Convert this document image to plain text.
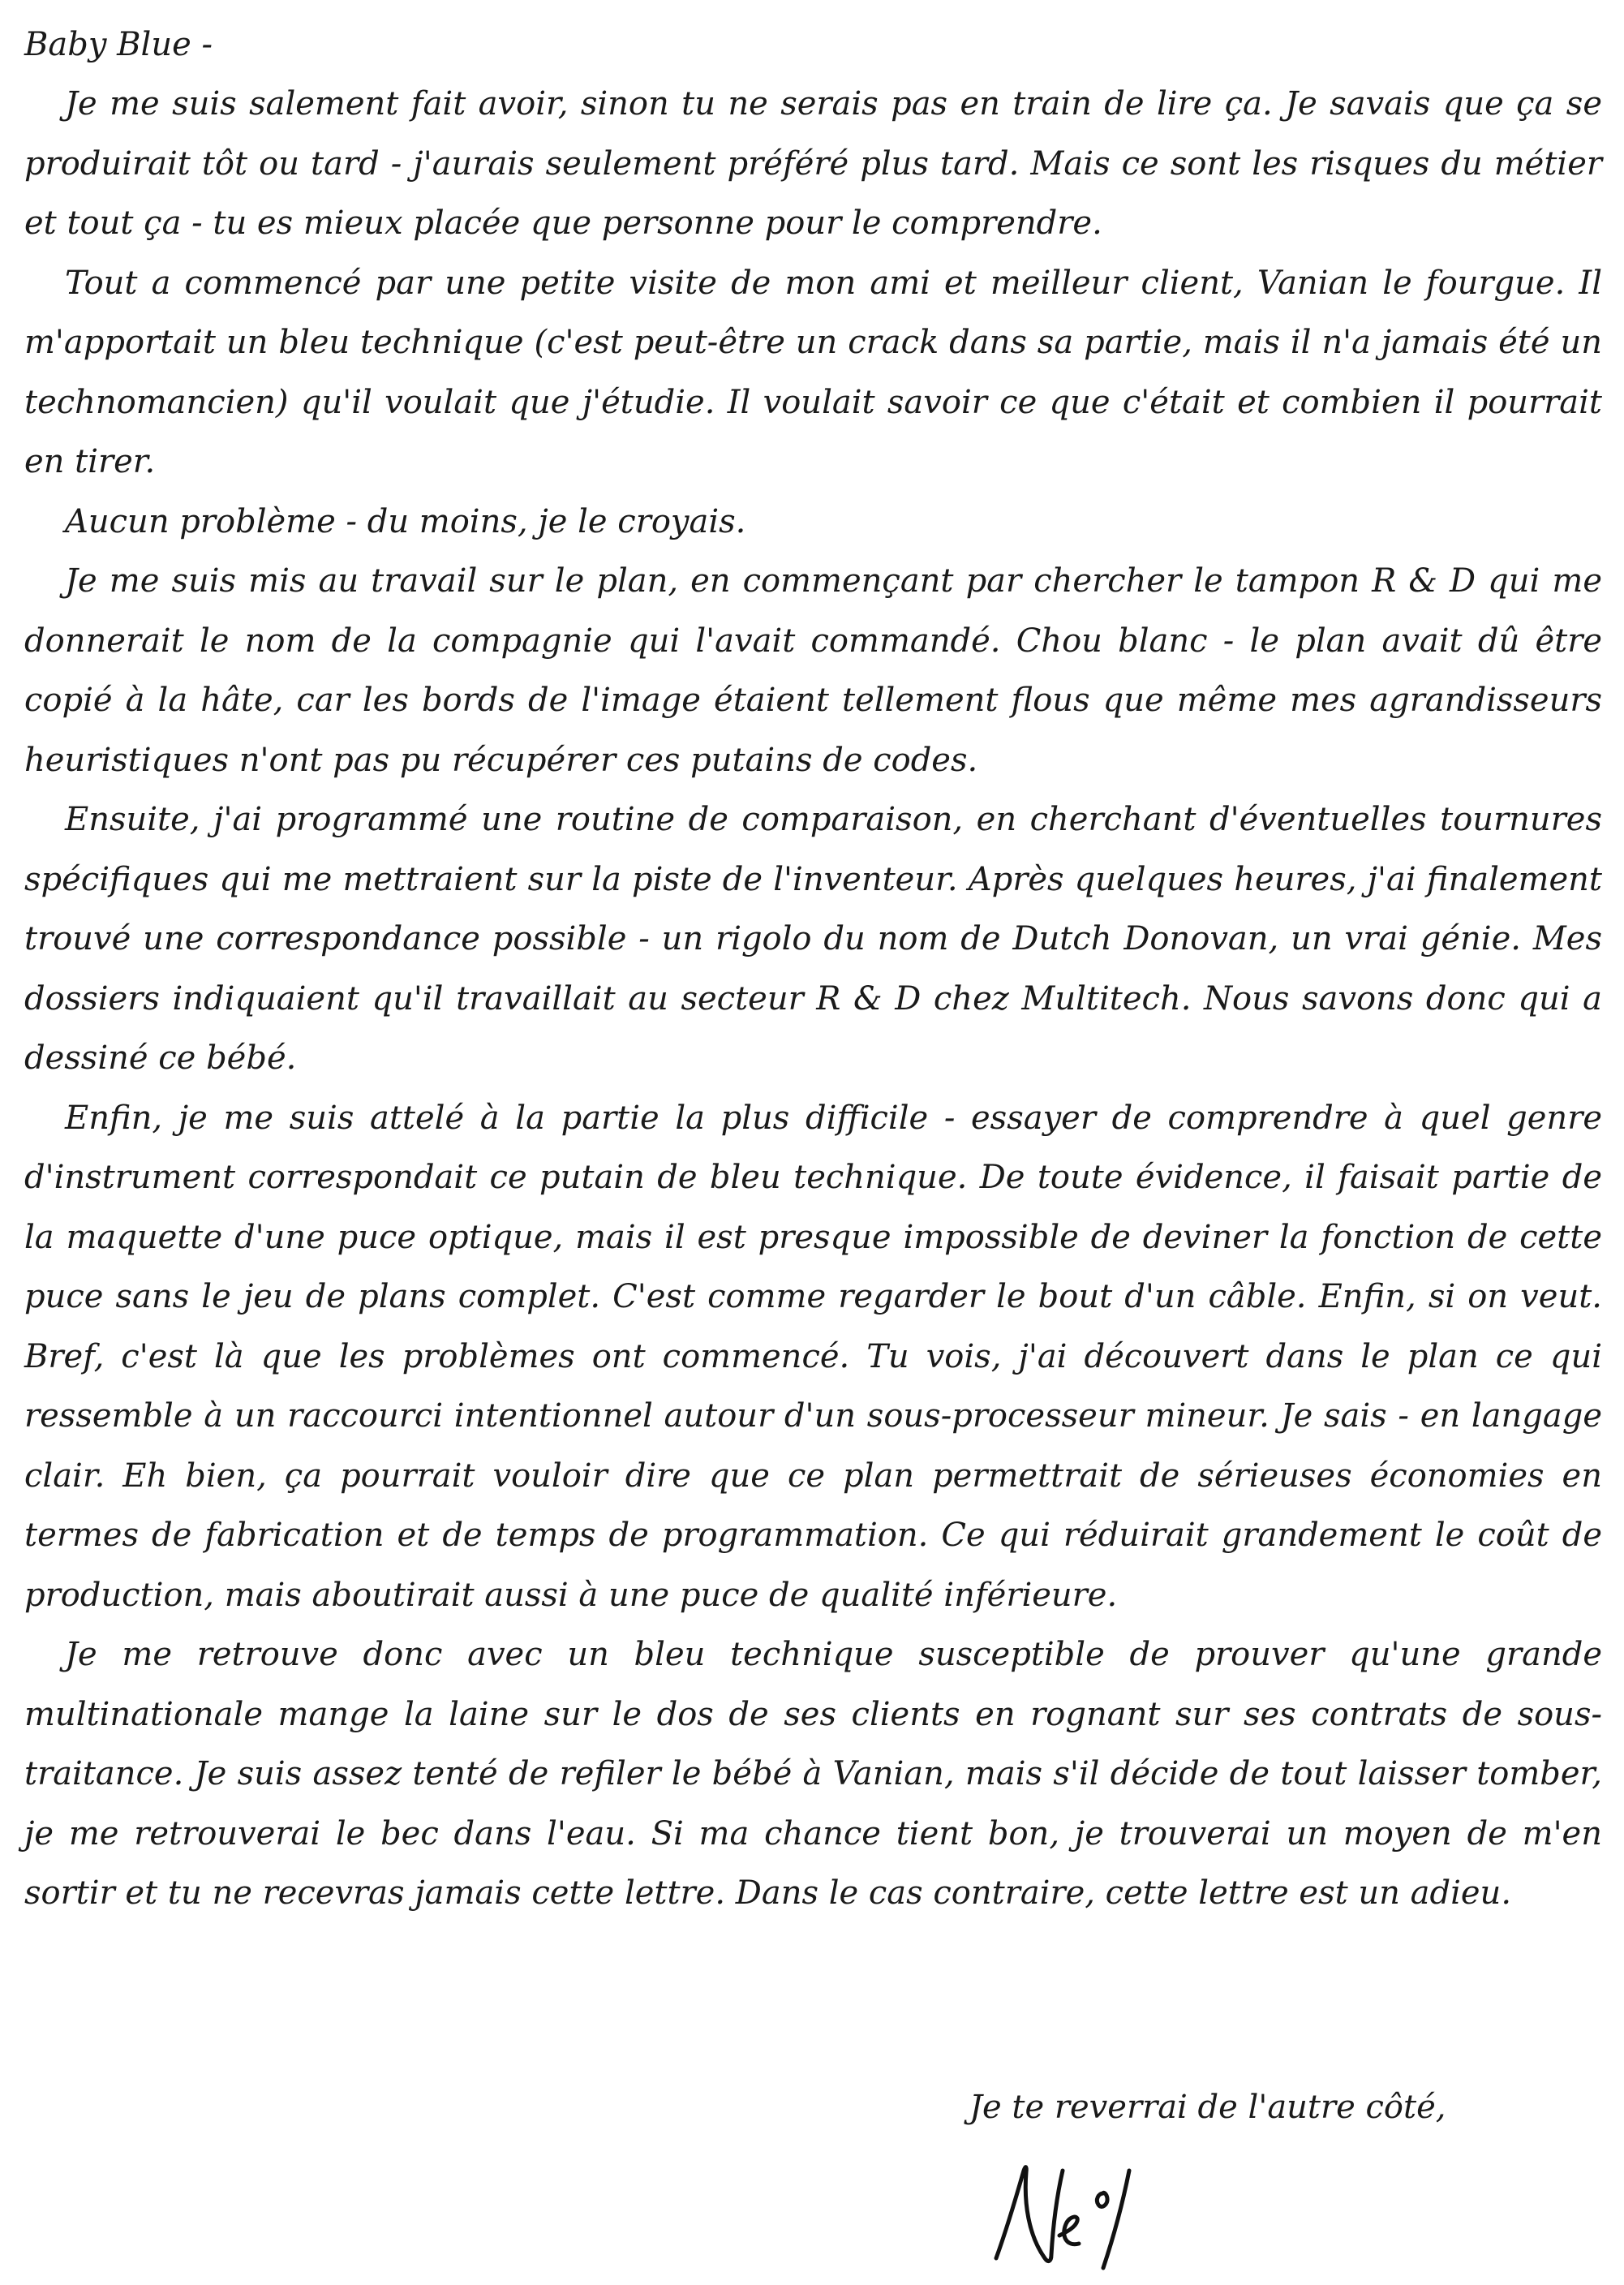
Baby Blue -

Je me suis salement fait avoir, sinon tu ne serais pas en train de lire ça. Je savais que ça se produirait tôt ou tard - j'aurais seulement préféré plus tard. Mais ce sont les risques du métier et tout ça - tu es mieux placée que personne pour le comprendre.

Tout a commencé par une petite visite de mon ami et meilleur client, Vanian le fourgue. Il m'apportait un bleu technique (c'est peut-être un crack dans sa partie, mais il n'a jamais été un technomancien) qu'il voulait que j'étudie. Il voulait savoir ce que c'était et combien il pourrait en tirer.

Aucun problème - du moins, je le croyais.

Je me suis mis au travail sur le plan, en commençant par chercher le tampon R & D qui me donnerait le nom de la compagnie qui l'avait commandé. Chou blanc - le plan avait dû être copié à la hâte, car les bords de l'image étaient tellement flous que même mes agrandisseurs heuristiques n'ont pas pu récupérer ces putains de codes.

Ensuite, j'ai programmé une routine de comparaison, en cherchant d'éventuelles tournures spécifiques qui me mettraient sur la piste de l'inventeur. Après quelques heures, j'ai finalement trouvé une correspondance possible - un rigolo du nom de Dutch Donovan, un vrai génie. Mes dossiers indiquaient qu'il travaillait au secteur R & D chez Multitech. Nous savons donc qui a dessiné ce bébé.

Enfin, je me suis attelé à la partie la plus difficile - essayer de comprendre à quel genre d'instrument correspondait ce putain de bleu technique. De toute évidence, il faisait partie de la maquette d'une puce optique, mais il est presque impossible de deviner la fonction de cette puce sans le jeu de plans complet. C'est comme regarder le bout d'un câble. Enfin, si on veut. Bref, c'est là que les problèmes ont commencé. Tu vois, j'ai découvert dans le plan ce qui ressemble à un raccourci intentionnel autour d'un sous-processeur mineur. Je sais - en langage clair. Eh bien, ça pourrait vouloir dire que ce plan permettrait de sérieuses économies en termes de fabrication et de temps de programmation. Ce qui réduirait grandement le coût de production, mais aboutirait aussi à une puce de qualité inférieure.

Je me retrouve donc avec un bleu technique susceptible de prouver qu'une grande multinationale mange la laine sur le dos de ses clients en rognant sur ses contrats de sous-traitance. Je suis assez tenté de refiler le bébé à Vanian, mais s'il décide de tout laisser tomber, je me retrouverai le bec dans l'eau. Si ma chance tient bon, je trouverai un moyen de m'en sortir et tu ne recevras jamais cette lettre. Dans le cas contraire, cette lettre est un adieu.

Je te reverrai de l'autre côté,
